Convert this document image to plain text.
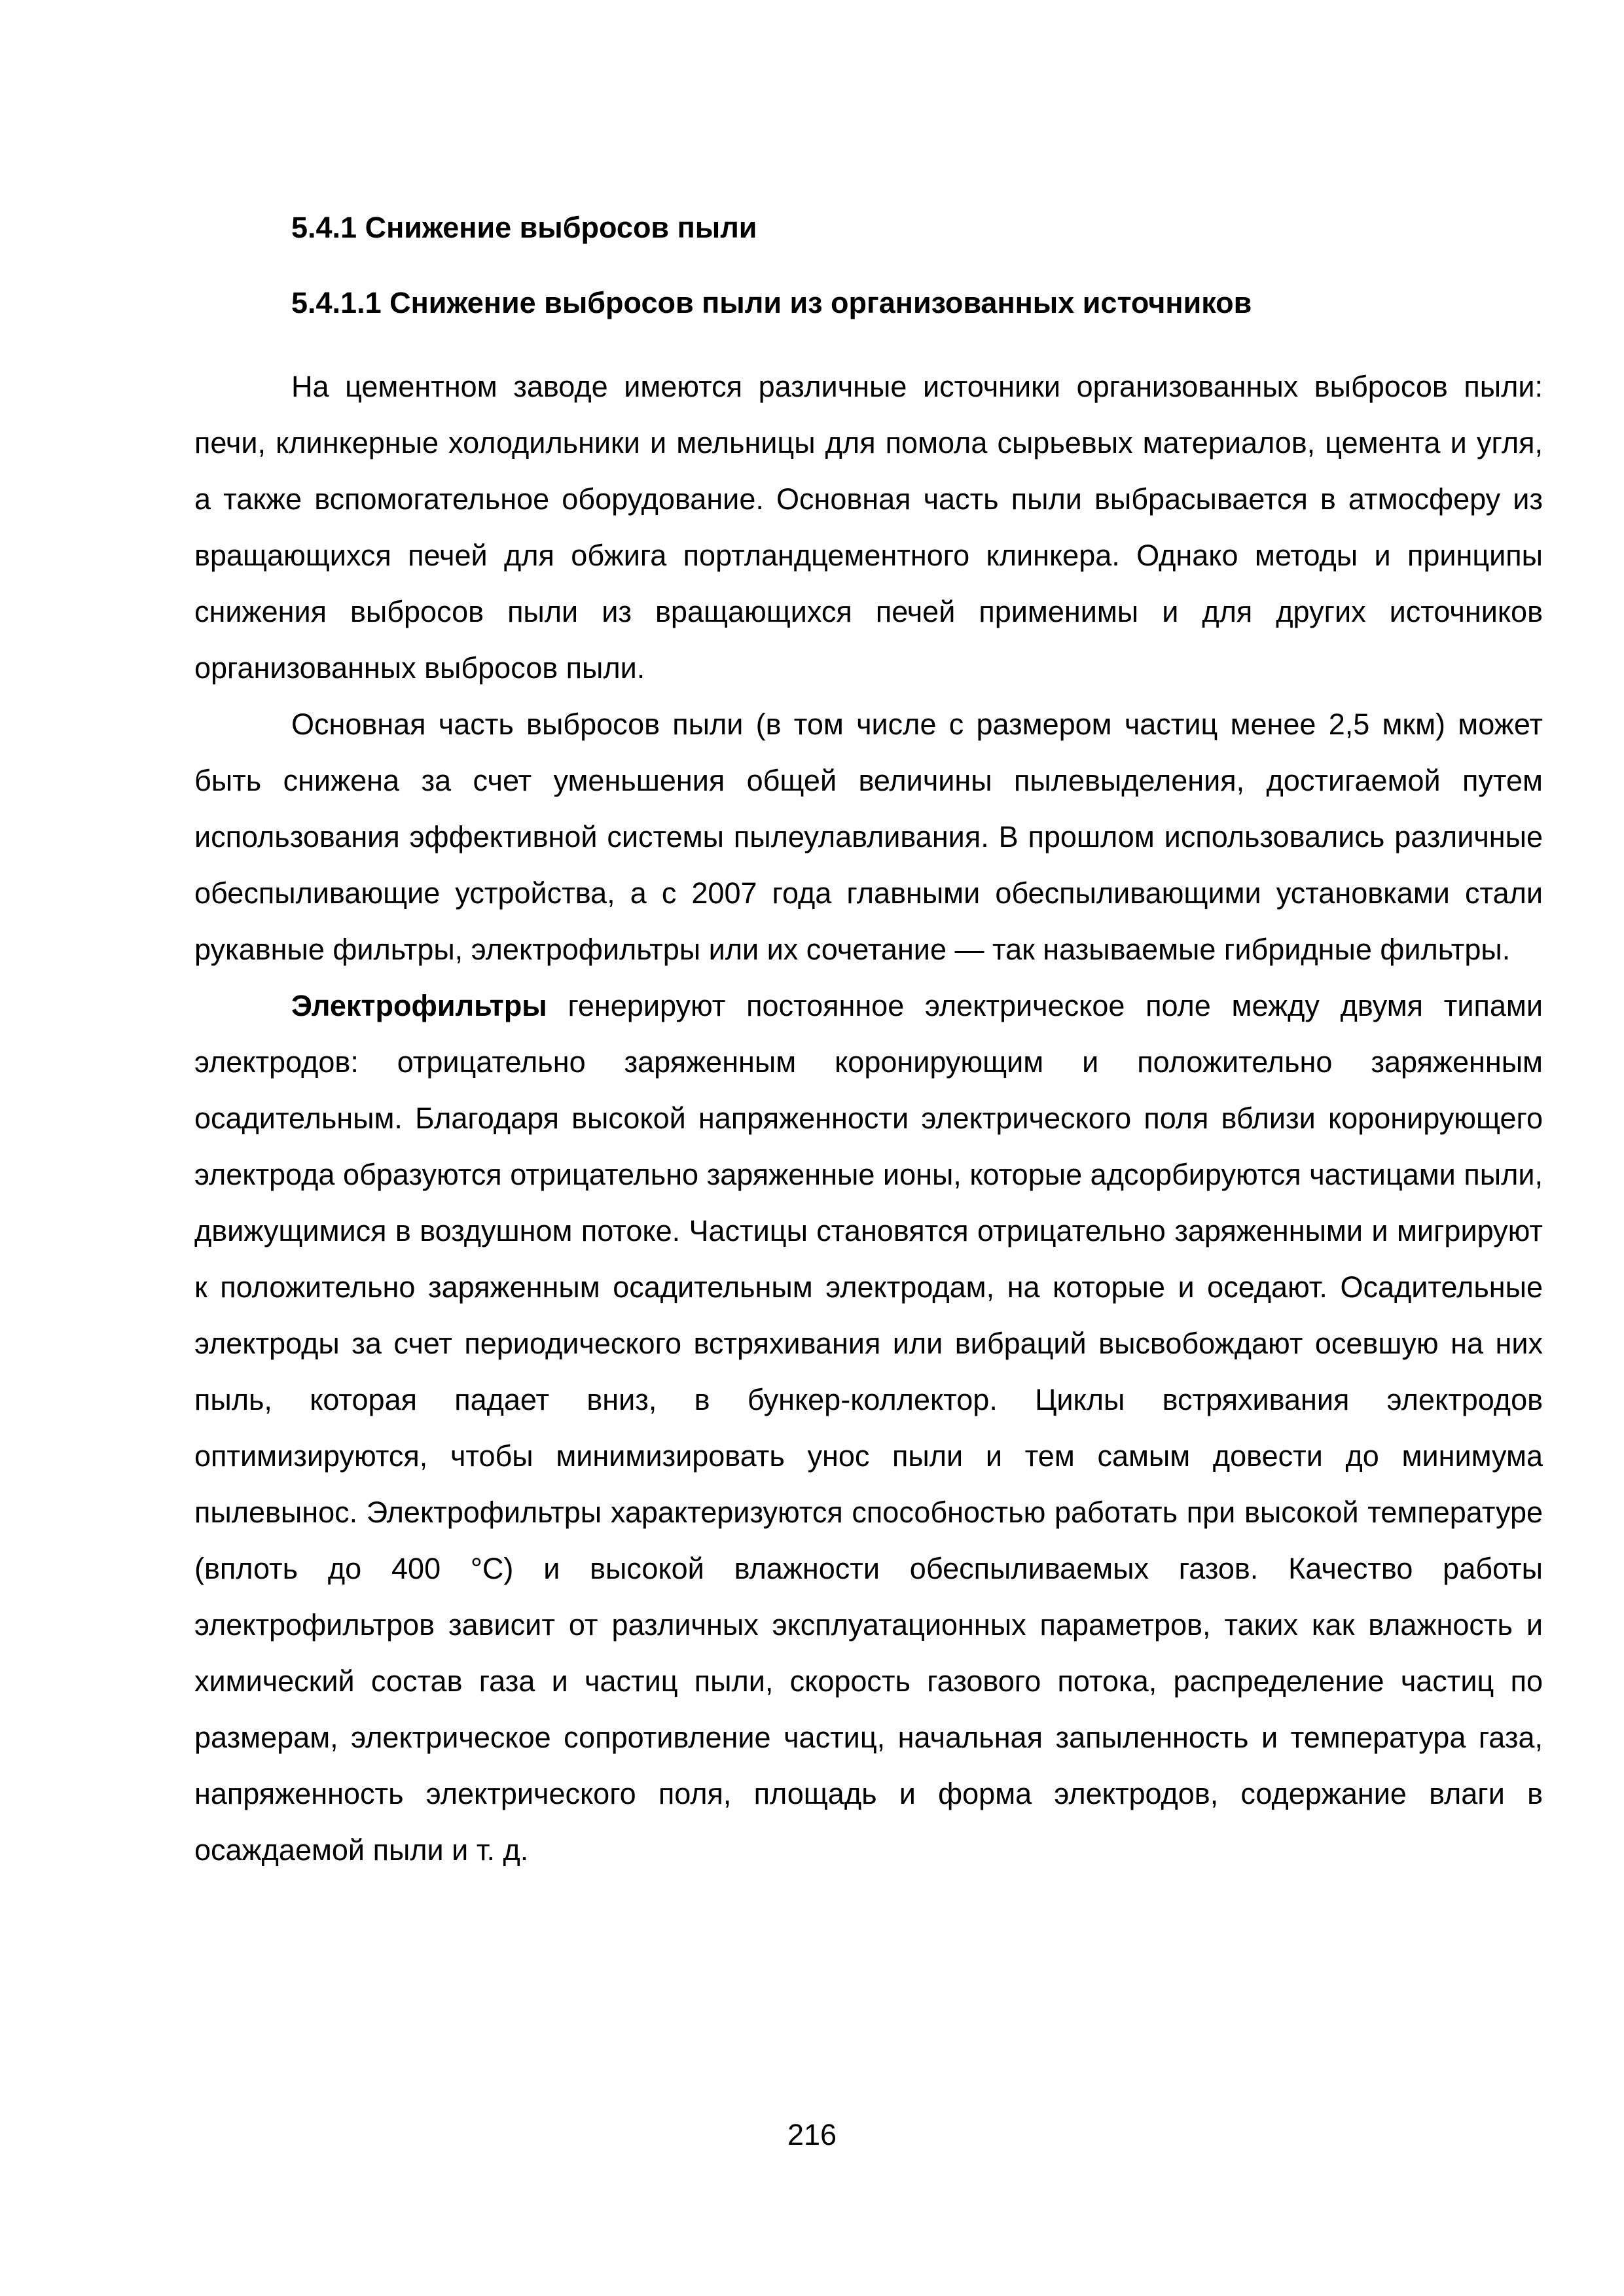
5.4.1 Снижение выбросов пыли
5.4.1.1 Снижение выбросов пыли из организованных источников

На цементном заводе имеются различные источники организованных выбросов пыли: печи, клинкерные холодильники и мельницы для помола сырьевых материалов, цемента и угля, а также вспомогательное оборудование. Основная часть пыли выбрасывается в атмосферу из вращающихся печей для обжига портландцементного клинкера. Однако методы и принципы снижения выбросов пыли из вращающихся печей применимы и для других источников организованных выбросов пыли.

Основная часть выбросов пыли (в том числе с размером частиц менее 2,5 мкм) может быть снижена за счет уменьшения общей величины пылевыделения, достигаемой путем использования эффективной системы пылеулавливания. В прошлом использовались различные обеспыливающие устройства, а с 2007 года главными обеспыливающими установками стали рукавные фильтры, электрофильтры или их сочетание — так называемые гибридные фильтры.

Электрофильтры генерируют постоянное электрическое поле между двумя типами электродов: отрицательно заряженным коронирующим и положительно заряженным осадительным. Благодаря высокой напряженности электрического поля вблизи коронирующего электрода образуются отрицательно заряженные ионы, которые адсорбируются частицами пыли, движущимися в воздушном потоке. Частицы становятся отрицательно заряженными и мигрируют к положительно заряженным осадительным электродам, на которые и оседают. Осадительные электроды за счет периодического встряхивания или вибраций высвобождают осевшую на них пыль, которая падает вниз, в бункер-коллектор. Циклы встряхивания электродов оптимизируются, чтобы минимизировать унос пыли и тем самым довести до минимума пылевынос. Электрофильтры характеризуются способностью работать при высокой температуре (вплоть до 400 °С) и высокой влажности обеспыливаемых газов. Качество работы электрофильтров зависит от различных эксплуатационных параметров, таких как влажность и химический состав газа и частиц пыли, скорость газового потока, распределение частиц по размерам, электрическое сопротивление частиц, начальная запыленность и температура газа, напряженность электрического поля, площадь и форма электродов, содержание влаги в осаждаемой пыли и т. д.

216
